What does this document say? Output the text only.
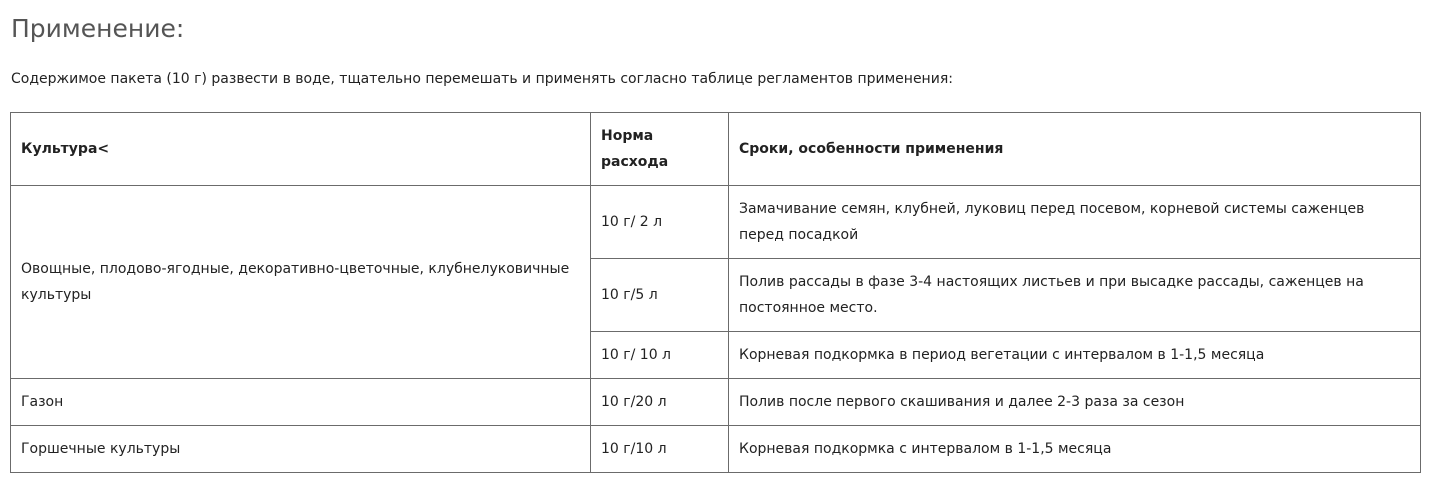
Применение:

Содержимое пакета (10 г) развести в воде, тщательно перемешать и применять согласно таблице регламентов применения:

Культура<	Норма расхода	Сроки, особенности применения
Овощные, плодово-ягодные, декоративно-цветочные, клубнелуковичные культуры	10 г/ 2 л	Замачивание семян, клубней, луковиц перед посевом, корневой системы саженцев перед посадкой
	10 г/5 л	Полив рассады в фазе 3-4 настоящих листьев и при высадке рассады, саженцев на постоянное место.
	10 г/ 10 л	Корневая подкормка в период вегетации с интервалом в 1-1,5 месяца
Газон	10 г/20 л	Полив после первого скашивания и далее 2-3 раза за сезон
Горшечные культуры	10 г/10 л	Корневая подкормка с интервалом в 1-1,5 месяца
